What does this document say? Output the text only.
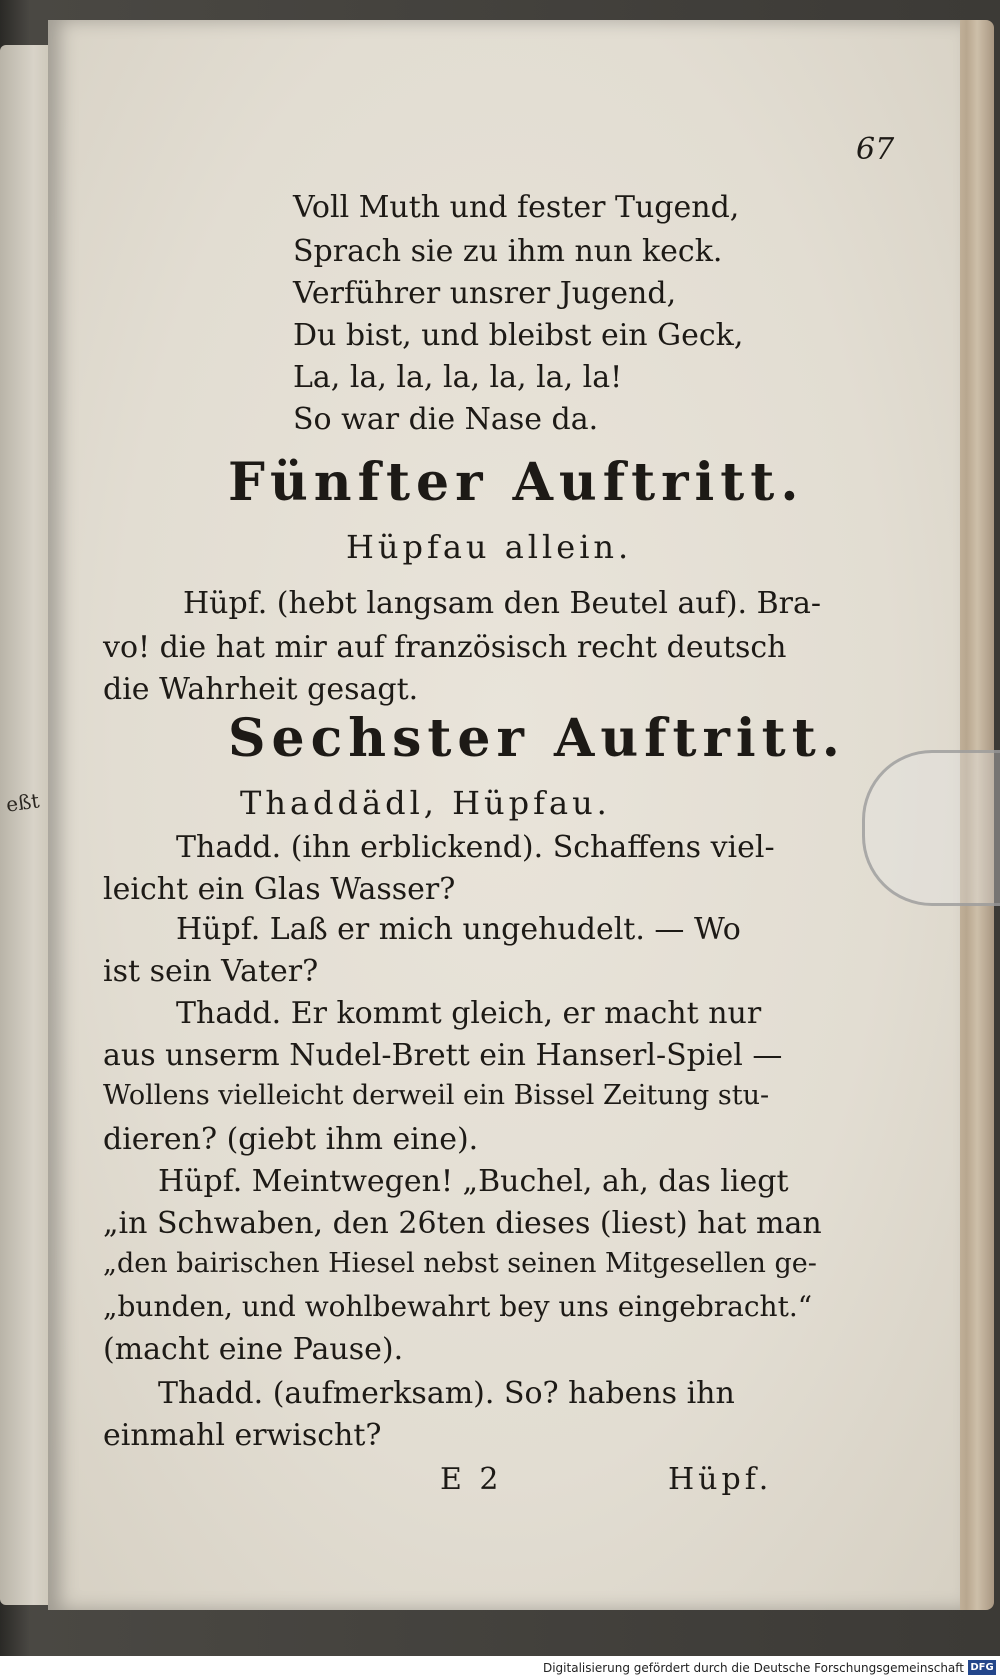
eßt
67
Voll Muth und fester Tugend,
Sprach sie zu ihm nun keck.
Verführer unsrer Jugend,
Du bist, und bleibst ein Geck,
La, la, la, la, la, la, la!
So war die Nase da.
Fünfter Auftritt.
Hüpfau allein.
Hüpf. (hebt langsam den Beutel auf). Bra-
vo! die hat mir auf französisch recht deutsch
die Wahrheit gesagt.
Sechster Auftritt.
Thaddädl, Hüpfau.
Thadd. (ihn erblickend). Schaffens viel-
leicht ein Glas Wasser?
Hüpf. Laß er mich ungehudelt. — Wo
ist sein Vater?
Thadd. Er kommt gleich, er macht nur
aus unserm Nudel-Brett ein Hanserl-Spiel —
Wollens vielleicht derweil ein Bissel Zeitung stu-
dieren? (giebt ihm eine).
Hüpf. Meintwegen! „Buchel, ah, das liegt
„in Schwaben, den 26ten dieses (liest) hat man
„den bairischen Hiesel nebst seinen Mitgesellen ge-
„bunden, und wohlbewahrt bey uns eingebracht.“
(macht eine Pause).
Thadd. (aufmerksam). So? habens ihn
einmahl erwischt?
E 2	Hüpf.
Digitalisierung gefördert durch die Deutsche Forschungsgemeinschaft DFG
